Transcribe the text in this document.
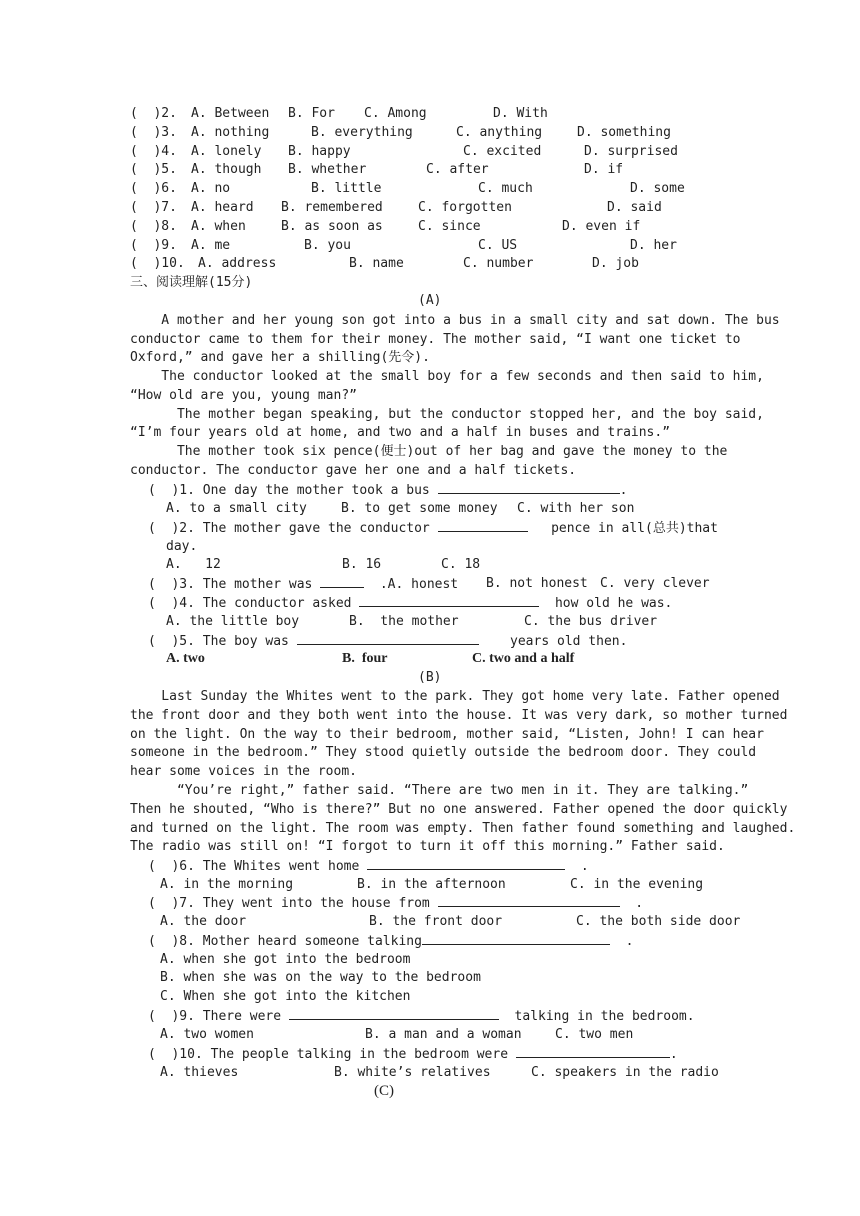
(  )2. A. Between B. For C. Among	D. With
(  )3. A. nothing	B. everything	C. anything	D. something
(  )4. A. lonely B. happy	C. excited	D. surprised
(  )5. A. though B. whether	C. after	D. if
(  )6. A. no	B. little	C. much	D. some
(  )7. A. heard B. remembered	C. forgotten	D. said
(  )8. A. when	B. as soon as	C. since	D. even if
(  )9. A. me	B. you	C. US	D. her
(  )10. A. address	B. name	C. number	D. job
三、阅读理解(15分)
(A)
A mother and her young son got into a bus in a small city and sat down. The bus
conductor came to them for their money. The mother said, “I want one ticket to
Oxford,” and gave her a shilling(先令).
The conductor looked at the small boy for a few seconds and then said to him,
“How old are you, young man?”
The mother began speaking, but the conductor stopped her, and the boy said,
“I’m four years old at home, and two and a half in buses and trains.”
The mother took six pence(便士)out of her bag and gave the money to the
conductor. The conductor gave her one and a half tickets.
(  )1. One day the mother took a bus	.
A. to a small city	B. to get some money C. with her son
(  )2. The mother gave the conductor	pence in all(总共)that
day.
A.   12	B. 16	C. 18
(  )3. The mother was	.A. honest B. not honest C. very clever
(  )4. The conductor asked	how old he was.
A. the little boy	B.  the mother	C. the bus driver
(  )5. The boy was	years old then.
A. two	B.  four	C. two and a half
(B)
Last Sunday the Whites went to the park. They got home very late. Father opened
the front door and they both went into the house. It was very dark, so mother turned
on the light. On the way to their bedroom, mother said, “Listen, John! I can hear
someone in the bedroom.” They stood quietly outside the bedroom door. They could
hear some voices in the room.
“You’re right,” father said. “There are two men in it. They are talking.”
Then he shouted, “Who is there?” But no one answered. Father opened the door quickly
and turned on the light. The room was empty. Then father found something and laughed.
The radio was still on! “I forgot to turn it off this morning.” Father said.
(  )6. The Whites went home	.
A. in the morning	B. in the afternoon	C. in the evening
(  )7. They went into the house from	.
A. the door	B. the front door	C. the both side door
(  )8. Mother heard someone talking	.
A. when she got into the bedroom
B. when she was on the way to the bedroom
C. When she got into the kitchen
(  )9. There were	talking in the bedroom.
A. two women	B. a man and a woman	C. two men
(  )10. The people talking in the bedroom were	.
A. thieves	B. white’s relatives	C. speakers in the radio
(C)
